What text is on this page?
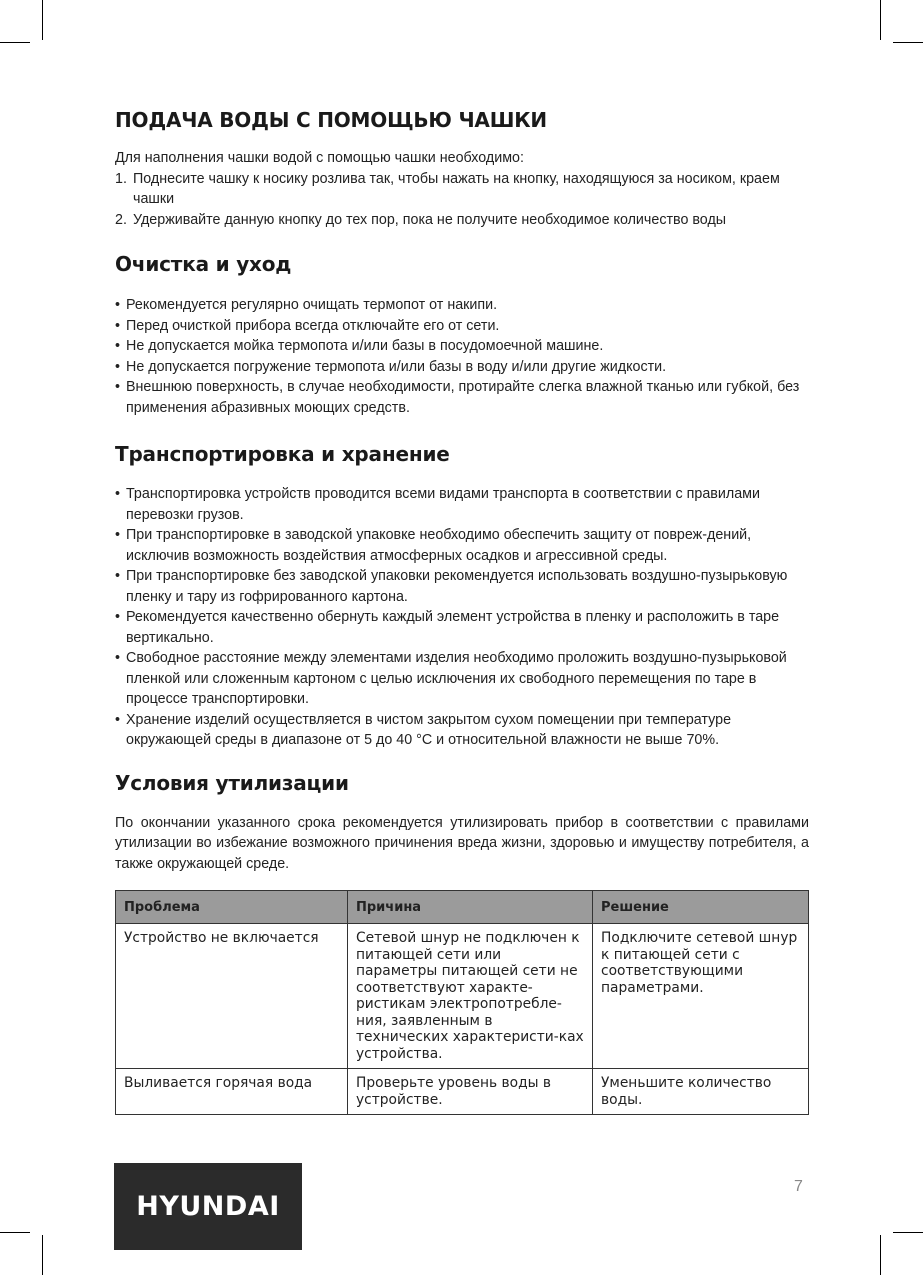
ПОДАЧА ВОДЫ С ПОМОЩЬЮ ЧАШКИ
Для наполнения чашки водой с помощью чашки необходимо:
1. Поднесите чашку к носику розлива так, чтобы нажать на кнопку, находящуюся за носиком, краем чашки
2. Удерживайте данную кнопку до тех пор, пока не получите необходимое количество воды
Очистка и уход
• Рекомендуется регулярно очищать термопот от накипи.
• Перед очисткой прибора всегда отключайте его от сети.
• Не допускается мойка термопота и/или базы в посудомоечной машине.
• Не допускается погружение термопота и/или базы в воду и/или другие жидкости.
• Внешнюю поверхность, в случае необходимости, протирайте слегка влажной тканью или губкой, без применения абразивных моющих средств.
Транспортировка и хранение
• Транспортировка устройств проводится всеми видами транспорта в соответствии с правилами перевозки грузов.
• При транспортировке в заводской упаковке необходимо обеспечить защиту от повреж-дений, исключив возможность воздействия атмосферных осадков и агрессивной среды.
• При транспортировке без заводской упаковки рекомендуется использовать воздушно-пузырьковую пленку и тару из гофрированного картона.
• Рекомендуется качественно обернуть каждый элемент устройства в пленку и расположить в таре вертикально.
• Свободное расстояние между элементами изделия необходимо проложить воздушно-пузырьковой пленкой или сложенным картоном с целью исключения их свободного перемещения по таре в процессе транспортировки.
• Хранение изделий осуществляется в чистом закрытом сухом помещении при температуре окружающей среды в диапазоне от 5 до 40 °C и относительной влажности не выше 70%.
Условия утилизации

По окончании указанного срока рекомендуется утилизировать прибор в соответствии с правилами утилизации во избежание возможного причинения вреда жизни, здоровью и имуществу потребителя, а также окружающей среде.

Проблема	Причина	Решение
Устройство не включается	Сетевой шнур не подключен к питающей сети или параметры питающей сети не соответствуют характе-ристикам электропотребле-ния, заявленным в технических характеристи-ках устройства.	Подключите сетевой шнур к питающей сети с соответствующими параметрами.
Выливается горячая вода	Проверьте уровень воды в устройстве.	Уменьшите количество воды.
HYUNDAI
7
